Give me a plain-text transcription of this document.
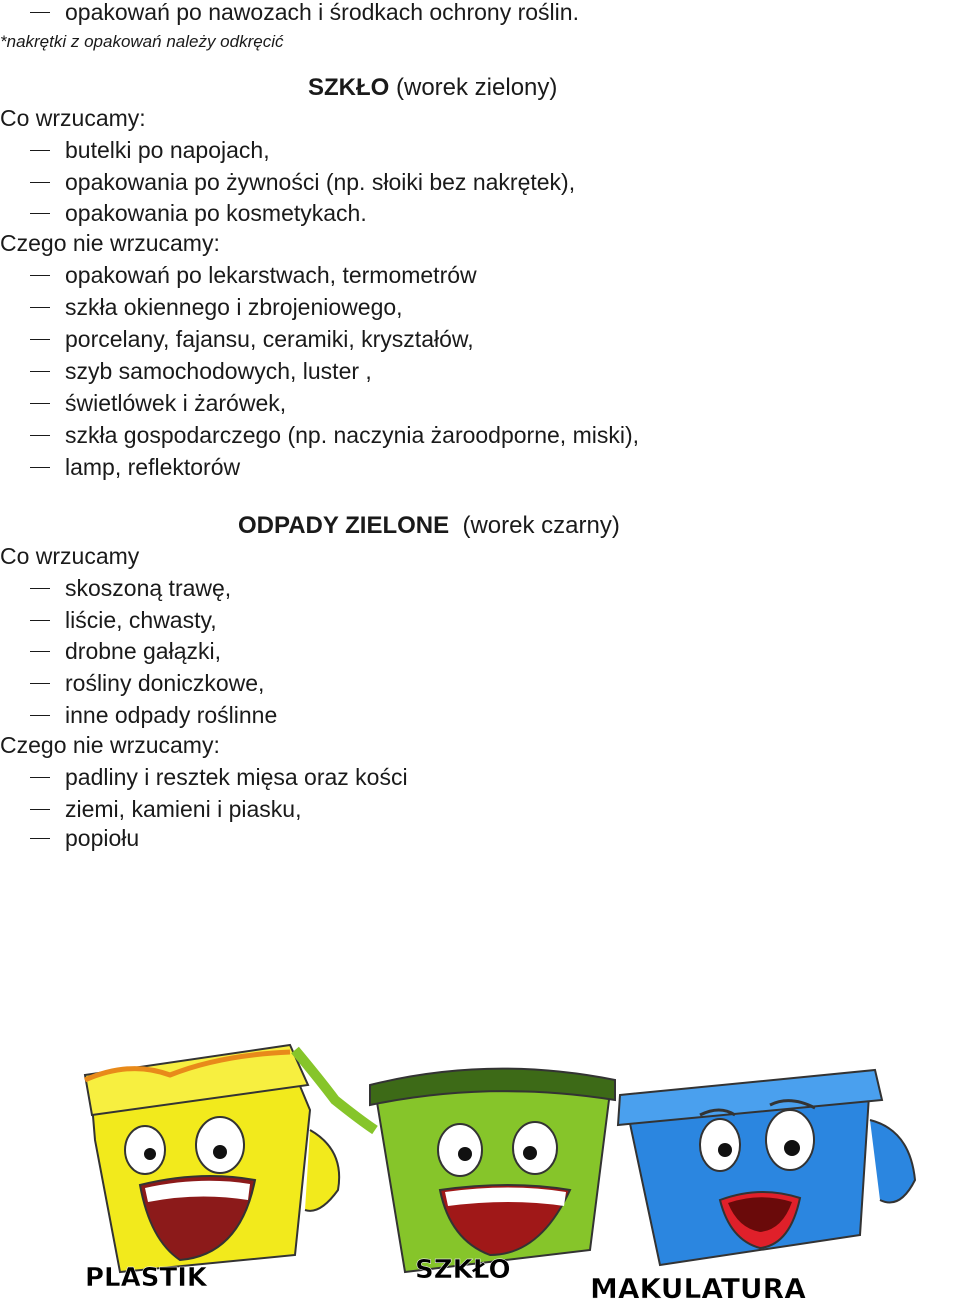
opakowań po nawozach i środkach ochrony roślin.
*nakrętki z opakowań należy odkręcić
SZKŁO (worek zielony)
Co wrzucamy:
butelki po napojach,
opakowania po żywności (np. słoiki bez nakrętek),
opakowania po kosmetykach.
Czego nie wrzucamy:
opakowań po lekarstwach, termometrów
szkła okiennego i zbrojeniowego,
porcelany, fajansu, ceramiki, kryształów,
szyb samochodowych, luster ,
świetlówek i żarówek,
szkła gospodarczego (np. naczynia żaroodporne, miski),
lamp, reflektorów
ODPADY ZIELONE (worek czarny)
Co wrzucamy
skoszoną trawę,
liście, chwasty,
drobne gałązki,
rośliny doniczkowe,
inne odpady roślinne
Czego nie wrzucamy:
padliny i resztek mięsa oraz kości
ziemi, kamieni i piasku,
popiołu
PLASTIK	SZKŁO
MAKULATURA
